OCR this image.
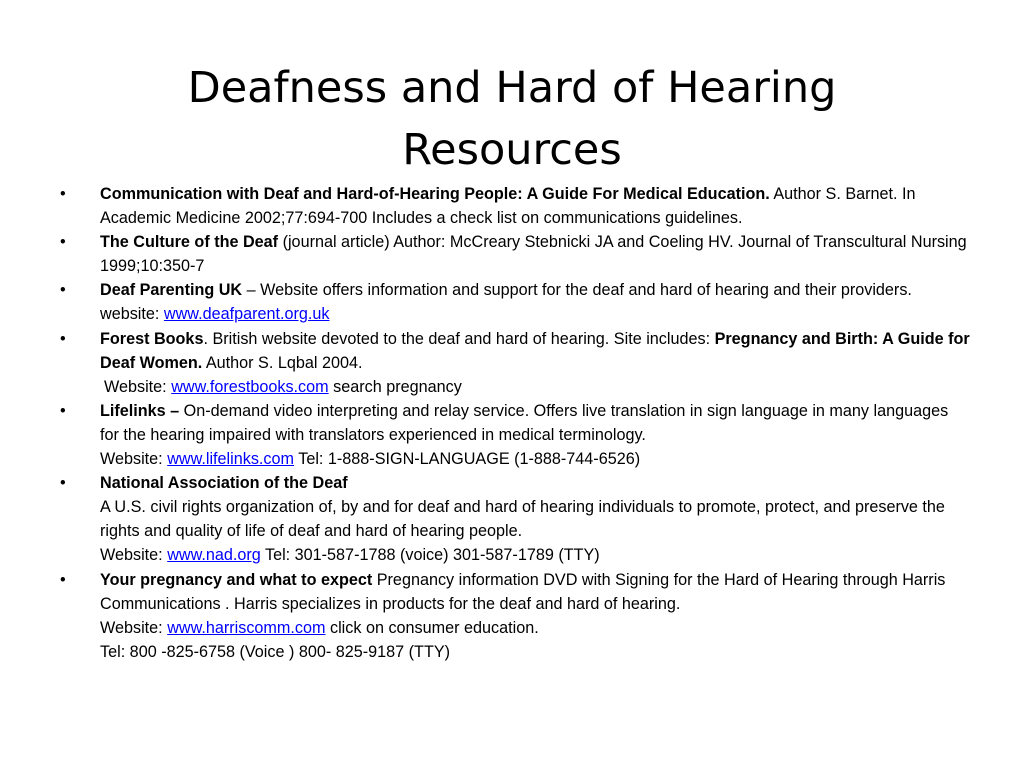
Deafness and Hard of Hearing
Resources
• Communication with Deaf and Hard-of-Hearing People: A Guide For Medical Education. Author S. Barnet. In Academic Medicine 2002;77:694-700 Includes a check list on communications guidelines.
• The Culture of the Deaf (journal article) Author: McCreary Stebnicki JA and Coeling HV. Journal of Transcultural Nursing 1999;10:350-7
• Deaf Parenting UK – Website offers information and support for the deaf and hard of hearing and their providers. website: www.deafparent.org.uk
• Forest Books. British website devoted to the deaf and hard of hearing. Site includes: Pregnancy and Birth: A Guide for Deaf Women. Author S. Lqbal 2004.
Website: www.forestbooks.com search pregnancy
• Lifelinks – On-demand video interpreting and relay service. Offers live translation in sign language in many languages for the hearing impaired with translators experienced in medical terminology.
Website: www.lifelinks.com Tel: 1-888-SIGN-LANGUAGE (1-888-744-6526)
• National Association of the Deaf
A U.S. civil rights organization of, by and for deaf and hard of hearing individuals to promote, protect, and preserve the rights and quality of life of deaf and hard of hearing people.
Website: www.nad.org Tel: 301-587-1788 (voice) 301-587-1789 (TTY)
• Your pregnancy and what to expect Pregnancy information DVD with Signing for the Hard of Hearing through Harris Communications . Harris specializes in products for the deaf and hard of hearing.
Website: www.harriscomm.com click on consumer education.
Tel: 800 -825-6758 (Voice ) 800- 825-9187 (TTY)
